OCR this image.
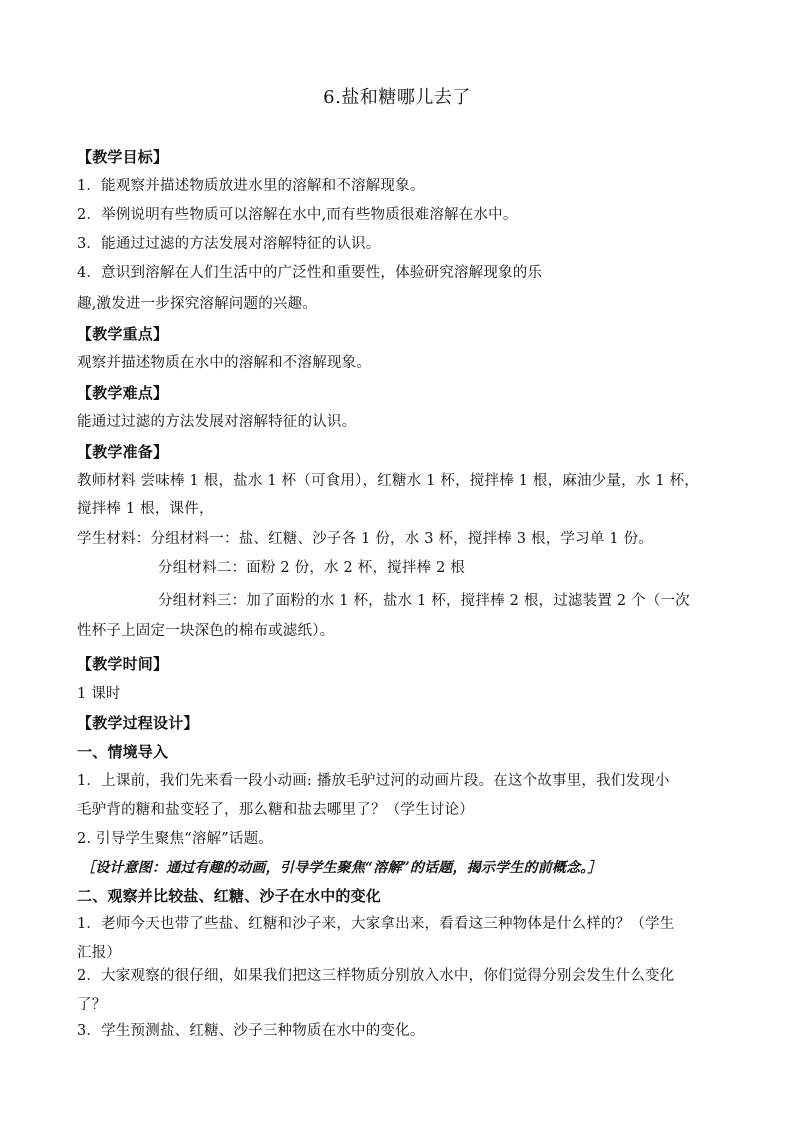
6.盐和糖哪儿去了
【教学目标】
1．能观察并描述物质放进水里的溶解和不溶解现象。
2．举例说明有些物质可以溶解在水中,而有些物质很难溶解在水中。
3．能通过过滤的方法发展对溶解特征的认识。
4．意识到溶解在人们生活中的广泛性和重要性，体验研究溶解现象的乐
趣,激发进一步探究溶解问题的兴趣。
【教学重点】
观察并描述物质在水中的溶解和不溶解现象。
【教学难点】
能通过过滤的方法发展对溶解特征的认识。
【教学准备】
教师材料 尝味棒 1 根，盐水 1 杯（可食用），红糖水 1 杯，搅拌棒 1 根，麻油少量，水 1 杯，
搅拌棒 1 根，课件，
学生材料：分组材料一：盐、红糖、沙子各 1 份，水 3 杯，搅拌棒 3 根，学习单 1 份。
分组材料二：面粉 2 份，水 2 杯，搅拌棒 2 根
分组材料三：加了面粉的水 1 杯，盐水 1 杯，搅拌棒 2 根，过滤装置 2 个（一次
性杯子上固定一块深色的棉布或滤纸）。
【教学时间】
1 课时
【教学过程设计】
一、情境导入
1．上课前，我们先来看一段小动画: 播放毛驴过河的动画片段。在这个故事里，我们发现小
毛驴背的糖和盐变轻了，那么糖和盐去哪里了？（学生讨论）
2. 引导学生聚焦“溶解”话题。
［设计意图：通过有趣的动画，引导学生聚焦“溶解”的话题，揭示学生的前概念。］
二、观察并比较盐、红糖、沙子在水中的变化
1．老师今天也带了些盐、红糖和沙子来，大家拿出来，看看这三种物体是什么样的？（学生
汇报）
2．大家观察的很仔细，如果我们把这三样物质分别放入水中，你们觉得分别会发生什么变化
了？
3．学生预测盐、红糖、沙子三种物质在水中的变化。
